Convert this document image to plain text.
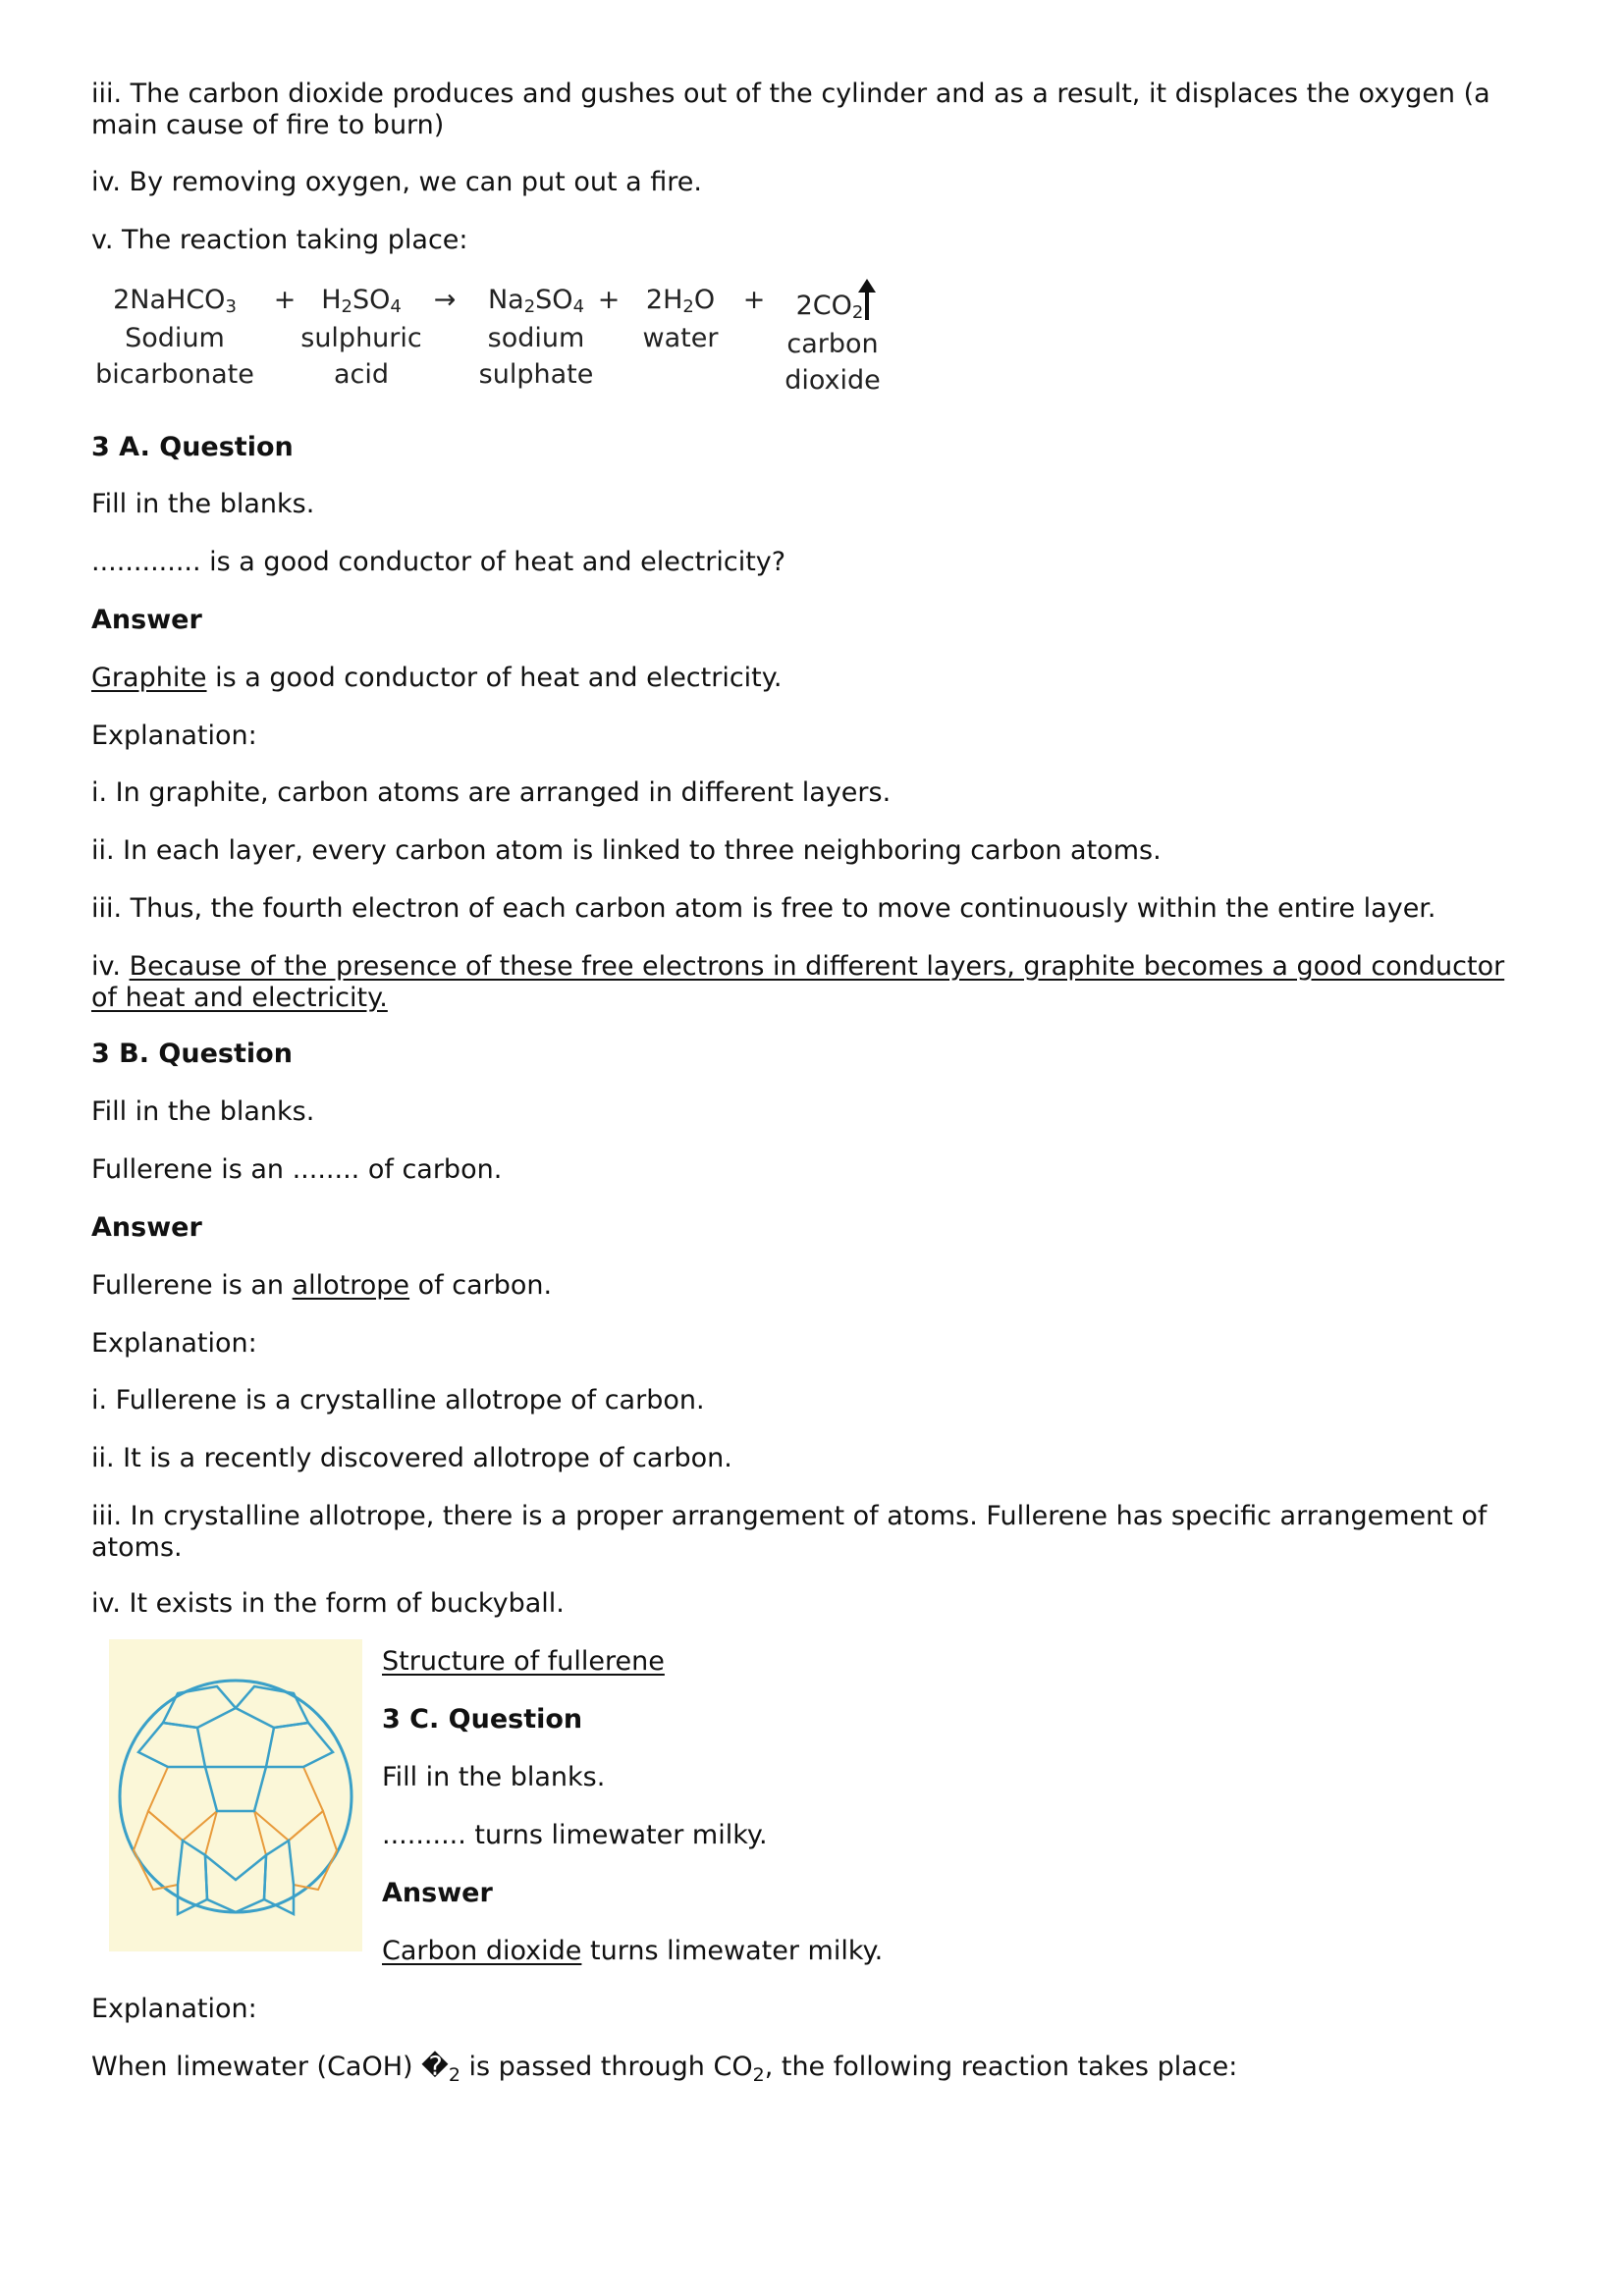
iii. The carbon dioxide produces and gushes out of the cylinder and as a result, it displaces the oxygen (a main cause of fire to burn)

iv. By removing oxygen, we can put out a fire.

v. The reaction taking place:

2NaHCO3
Sodium
bicarbonate
+ H2SO4
sulphuric
acid
→	Na2SO4
sodium
sulphate
+ 2H2O
water
+	2CO2
carbon
dioxide

3 A. Question

Fill in the blanks.

............. is a good conductor of heat and electricity?

Answer

Graphite is a good conductor of heat and electricity.

Explanation:

i. In graphite, carbon atoms are arranged in different layers.

ii. In each layer, every carbon atom is linked to three neighboring carbon atoms.

iii. Thus, the fourth electron of each carbon atom is free to move continuously within the entire layer.

iv. Because of the presence of these free electrons in different layers, graphite becomes a good conductor of heat and electricity.

3 B. Question

Fill in the blanks.

Fullerene is an ........ of carbon.

Answer

Fullerene is an allotrope of carbon.

Explanation:

i. Fullerene is a crystalline allotrope of carbon.

ii. It is a recently discovered allotrope of carbon.

iii. In crystalline allotrope, there is a proper arrangement of atoms. Fullerene has specific arrangement of atoms.

iv. It exists in the form of buckyball.

Structure of fullerene

3 C. Question

Fill in the blanks.

.......... turns limewater milky.

Answer

Carbon dioxide turns limewater milky.

Explanation:

When limewater (CaOH) $�_2$ is passed through $CO_2$, the following reaction takes place:
